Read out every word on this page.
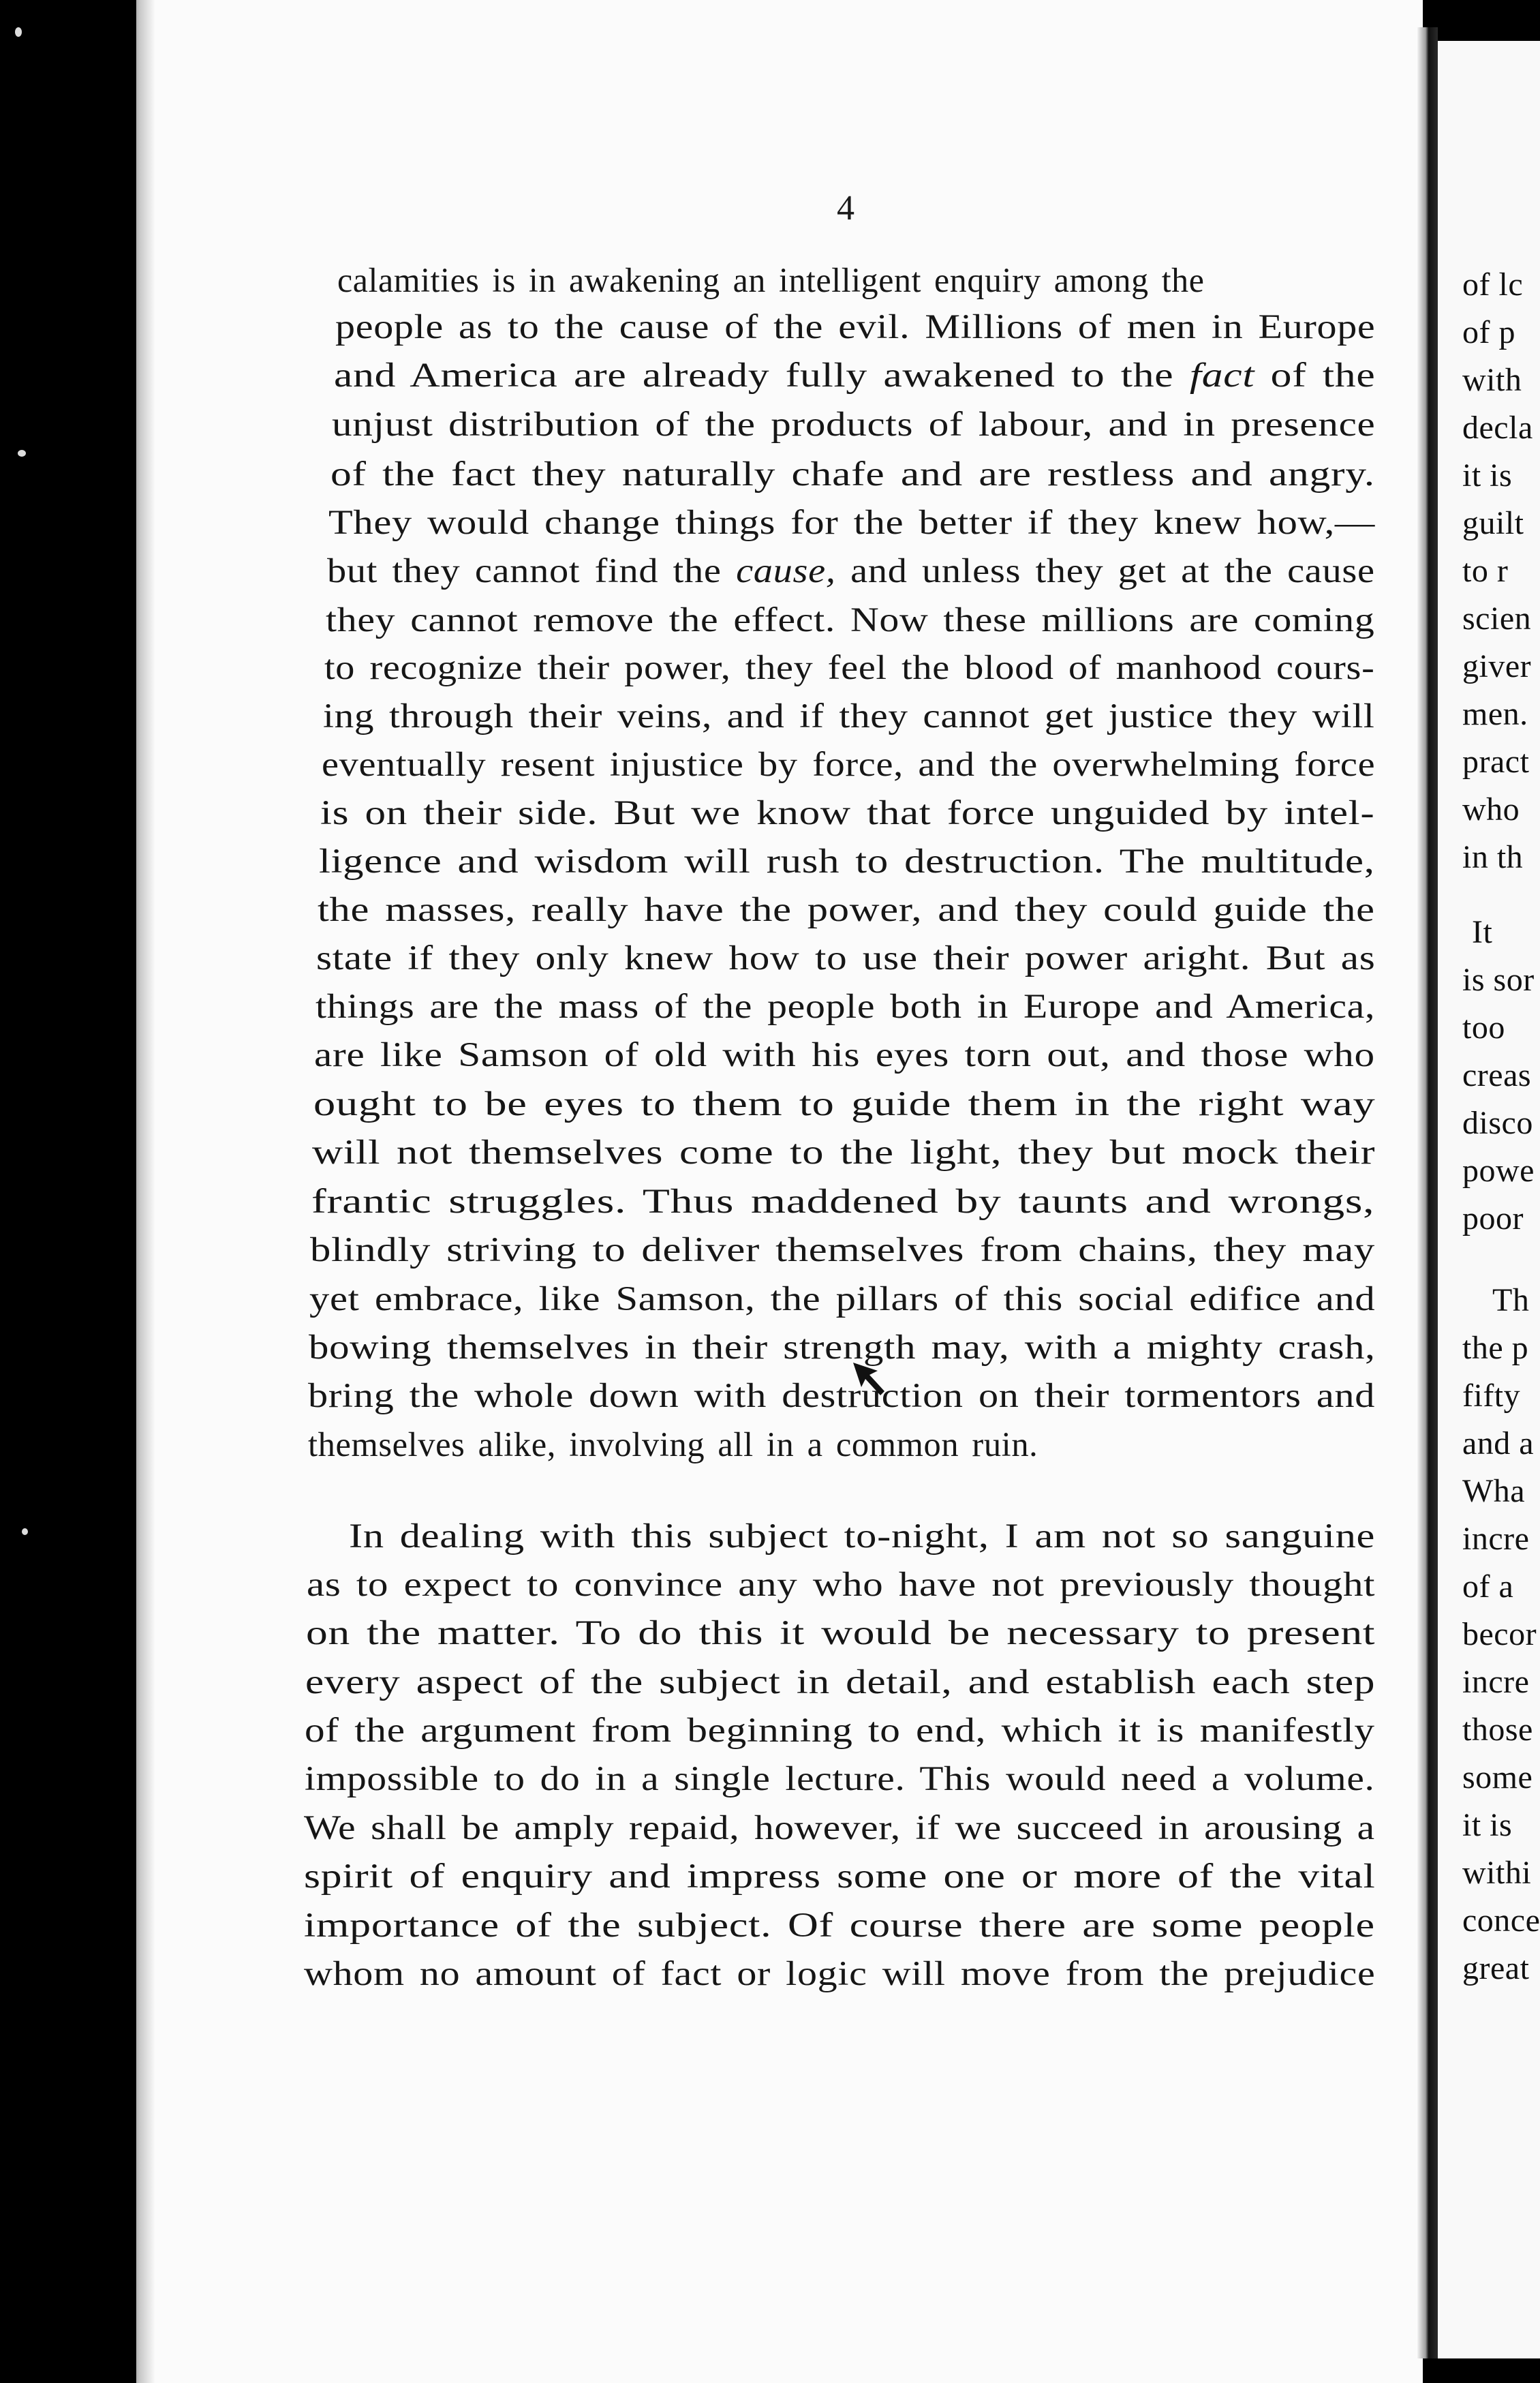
4
calamities is in awakening an intelligent enquiry among the
people as to the cause of the evil. Millions of men in Europe
and America are already fully awakened to the fact of the
unjust distribution of the products of labour, and in presence
of the fact they naturally chafe and are restless and angry.
They would change things for the better if they knew how,—
but they cannot find the cause, and unless they get at the cause
they cannot remove the effect. Now these millions are coming
to recognize their power, they feel the blood of manhood cours-
ing through their veins, and if they cannot get justice they will
eventually resent injustice by force, and the overwhelming force
is on their side. But we know that force unguided by intel-
ligence and wisdom will rush to destruction. The multitude,
the masses, really have the power, and they could guide the
state if they only knew how to use their power aright. But as
things are the mass of the people both in Europe and America,
are like Samson of old with his eyes torn out, and those who
ought to be eyes to them to guide them in the right way
will not themselves come to the light, they but mock their
frantic struggles. Thus maddened by taunts and wrongs,
blindly striving to deliver themselves from chains, they may
yet embrace, like Samson, the pillars of this social edifice and
bowing themselves in their strength may, with a mighty crash,
bring the whole down with destruction on their tormentors and
themselves alike, involving all in a common ruin.
In dealing with this subject to-night, I am not so sanguine
as to expect to convince any who have not previously thought
on the matter. To do this it would be necessary to present
every aspect of the subject in detail, and establish each step
of the argument from beginning to end, which it is manifestly
impossible to do in a single lecture. This would need a volume.
We shall be amply repaid, however, if we succeed in arousing a
spirit of enquiry and impress some one or more of the vital
importance of the subject. Of course there are some people
whom no amount of fact or logic will move from the prejudice
of lc
of p
with
decla
it is
guilt
to r
scien
giver
men.
pract
who
in th
It
is sor
too
creas
disco
powe
poor
Th
the p
fifty
and a
Wha
incre
of a
becor
incre
those
some
it is
withi
conce
great
